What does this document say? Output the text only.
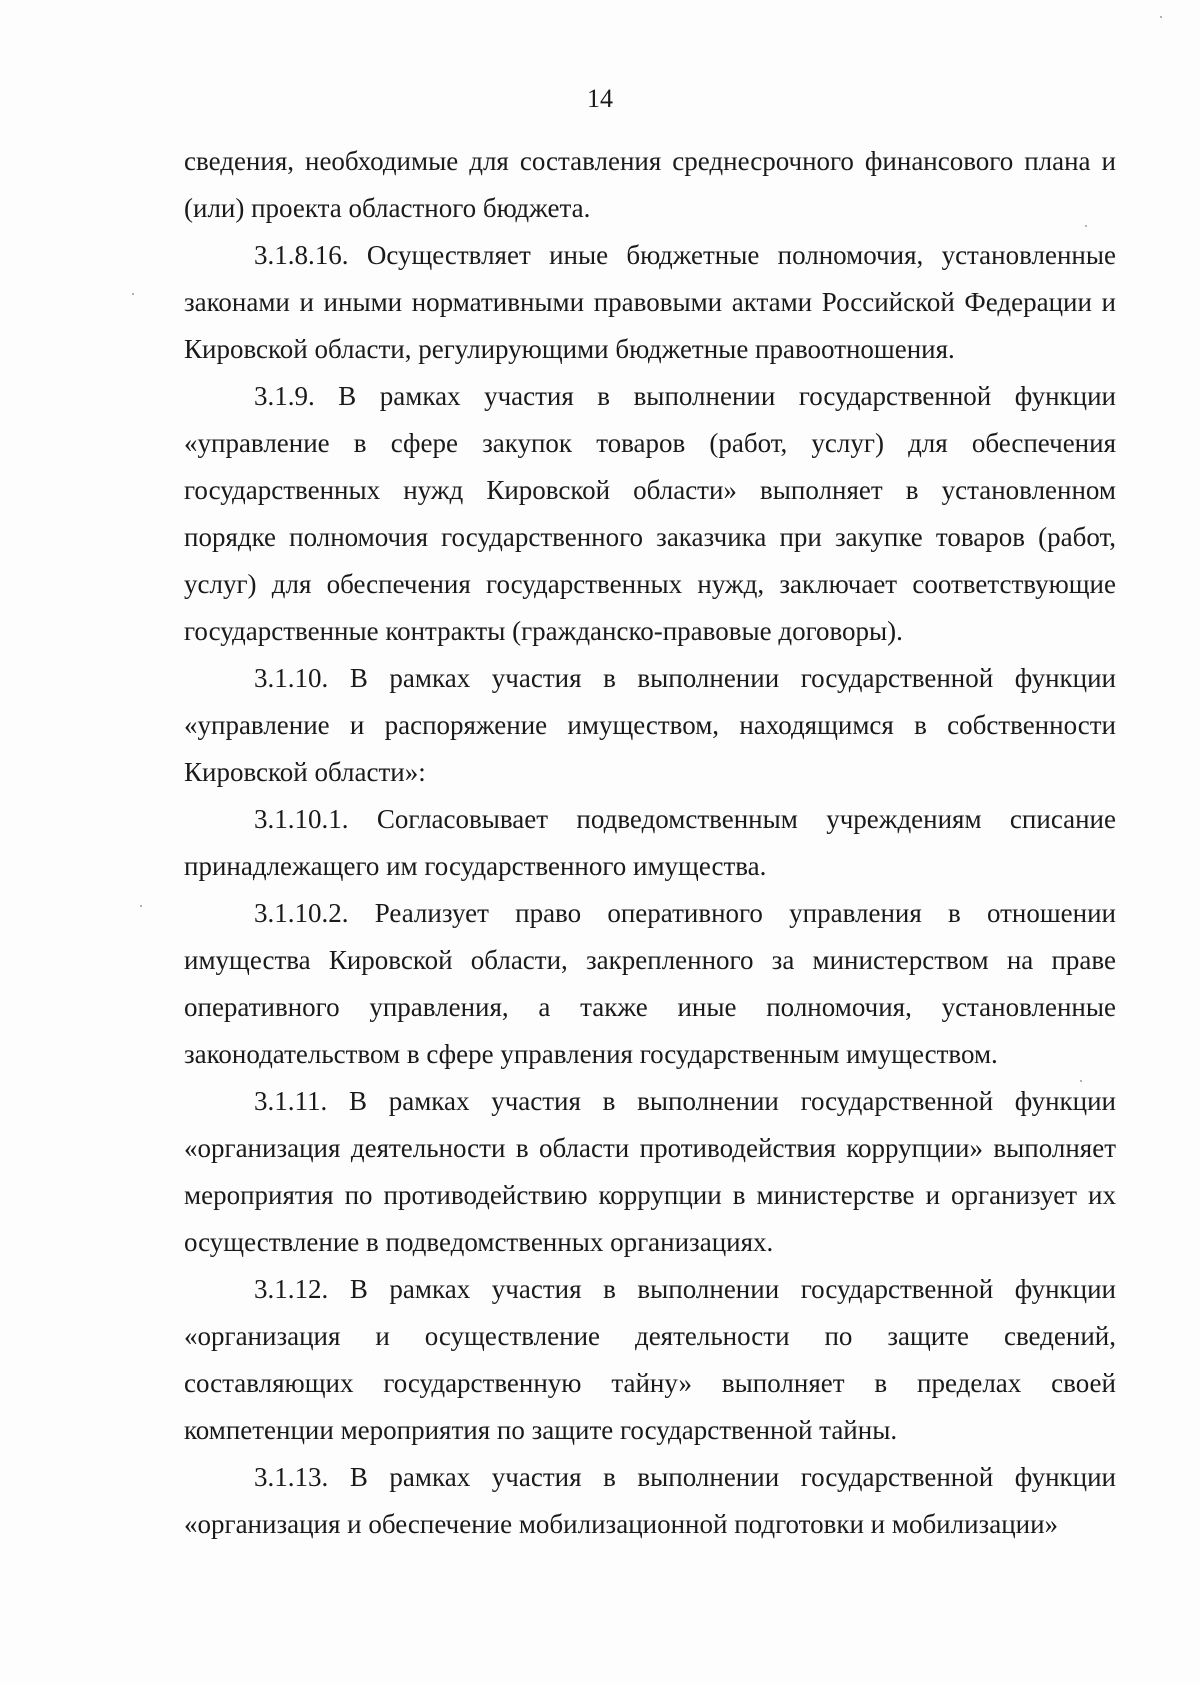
14

сведения, необходимые для составления среднесрочного финансового плана и (или) проекта областного бюджета.

3.1.8.16. Осуществляет иные бюджетные полномочия, установленные законами и иными нормативными правовыми актами Российской Федерации и Кировской области, регулирующими бюджетные правоотношения.

3.1.9. В рамках участия в выполнении государственной функции «управление в сфере закупок товаров (работ, услуг) для обеспечения государственных нужд Кировской области» выполняет в установленном порядке полномочия государственного заказчика при закупке товаров (работ, услуг) для обеспечения государственных нужд, заключает соответствующие государственные контракты (гражданско-правовые договоры).

3.1.10. В рамках участия в выполнении государственной функции «управление и распоряжение имуществом, находящимся в собственности Кировской области»:

3.1.10.1. Согласовывает подведомственным учреждениям списание принадлежащего им государственного имущества.

3.1.10.2. Реализует право оперативного управления в отношении имущества Кировской области, закрепленного за министерством на праве оперативного управления, а также иные полномочия, установленные законодательством в сфере управления государственным имуществом.

3.1.11. В рамках участия в выполнении государственной функции «организация деятельности в области противодействия коррупции» выполняет мероприятия по противодействию коррупции в министерстве и организует их осуществление в подведомственных организациях.

3.1.12. В рамках участия в выполнении государственной функции «организация и осуществление деятельности по защите сведений, составляющих государственную тайну» выполняет в пределах своей компетенции мероприятия по защите государственной тайны.

3.1.13. В рамках участия в выполнении государственной функции «организация и обеспечение мобилизационной подготовки и мобилизации»
